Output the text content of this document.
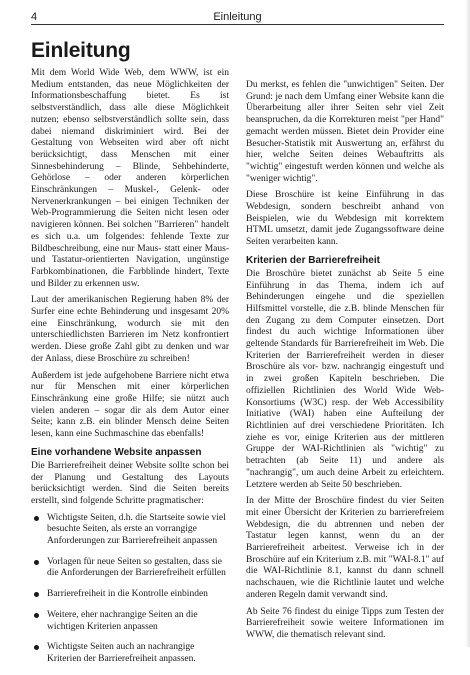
4	Einleitung
Einleitung

Mit dem World Wide Web, dem WWW, ist ein Medium entstanden, das neue Möglichkeiten der Informationsbeschaffung bietet. Es ist selbstverständlich, dass alle diese Möglichkeit nutzen; ebenso selbstverständlich sollte sein, dass dabei niemand diskriminiert wird. Bei der Gestaltung von Webseiten wird aber oft nicht berücksichtigt, dass Menschen mit einer Sinnesbehinderung – Blinde, Sehbehinderte, Gehörlose – oder anderen körperlichen Einschränkungen – Muskel-, Gelenk- oder Nervenerkrankungen – bei einigen Techniken der Web-Programmierung die Seiten nicht lesen oder navigieren können. Bei solchen "Barrieren" handelt es sich u.a. um folgendes: fehlende Texte zur Bildbeschreibung, eine nur Maus- statt einer Maus- und Tastatur-orientierten Navigation, ungünstige Farbkombinationen, die Farbblinde hindert, Texte und Bilder zu erkennen usw.

Laut der amerikanischen Regierung haben 8% der Surfer eine echte Behinderung und insgesamt 20% eine Einschränkung, wodurch sie mit den unterschiedlichsten Barrieren im Netz konfrontiert werden. Diese große Zahl gibt zu denken und war der Anlass, diese Broschüre zu schreiben!

Außerdem ist jede aufgehobene Barriere nicht etwa nur für Menschen mit einer körperlichen Einschränkung eine große Hilfe; sie nützt auch vielen anderen – sogar dir als dem Autor einer Seite; kann z.B. ein blinder Mensch deine Seiten lesen, kann eine Suchmaschine das ebenfalls!

Eine vorhandene Website anpassen

Die Barrierefreiheit deiner Website sollte schon bei der Planung und Gestaltung des Layouts berücksichtigt werden. Sind die Seiten bereits erstellt, sind folgende Schritte pragmatischer:

Wichtigste Seiten, d.h. die Startseite sowie viel besuchte Seiten, als erste an vorrangige Anforderungen zur Barrierefreiheit anpassen
Vorlagen für neue Seiten so gestalten, dass sie die Anforderungen der Barrierefreiheit erfüllen
Barrierefreiheit in die Kontrolle einbinden
Weitere, eher nachrangige Seiten an die wichtigen Kriterien anpassen
Wichtigste Seiten auch an nachrangige Kriterien der Barrierefreiheit anpassen.

Du merkst, es fehlen die "unwichtigen" Seiten. Der Grund: je nach dem Umfang einer Website kann die Überarbeitung aller ihrer Seiten sehr viel Zeit beanspruchen, da die Korrekturen meist "per Hand" gemacht werden müssen. Bietet dein Provider eine Besucher-Statistik mit Auswertung an, erfährst du hier, welche Seiten deines Webauftritts als "wichtig" eingestuft werden können und welche als "weniger wichtig".

Diese Broschüre ist keine Einführung in das Webdesign, sondern beschreibt anhand von Beispielen, wie du Webdesign mit korrektem HTML umsetzt, damit jede Zugangssoftware deine Seiten verarbeiten kann.

Kriterien der Barrierefreiheit

Die Broschüre bietet zunächst ab Seite 5 eine Einführung in das Thema, indem ich auf Behinderungen eingehe und die speziellen Hilfsmittel vorstelle, die z.B. blinde Menschen für den Zugang zu dem Computer einsetzen. Dort findest du auch wichtige Informationen über geltende Standards für Barrierefreiheit im Web. Die Kriterien der Barrierefreiheit werden in dieser Broschüre als vor- bzw. nachrangig eingestuft und in zwei großen Kapiteln beschrieben. Die offiziellen Richtlinien des World Wide Web-Konsortiums (W3C) resp. der Web Accessibility Initiative (WAI) haben eine Aufteilung der Richtlinien auf drei verschiedene Prioritäten. Ich ziehe es vor, einige Kriterien aus der mittleren Gruppe der WAI-Richtlinien als "wichtig" zu betrachten (ab Seite 11) und andere als "nachrangig", um auch deine Arbeit zu erleichtern. Letztere werden ab Seite 50 beschrieben.

In der Mitte der Broschüre findest du vier Seiten mit einer Übersicht der Kriterien zu barrierefreiem Webdesign, die du abtrennen und neben der Tastatur legen kannst, wenn du an der Barrierefreiheit arbeitest. Verweise ich in der Broschüre auf ein Kriterium z.B. mit "WAI-8.1" auf die WAI-Richtlinie 8.1, kannst du dann schnell nachschauen, wie die Richtlinie lautet und welche anderen Regeln damit verwandt sind.

Ab Seite 76 findest du einige Tipps zum Testen der Barrierefreiheit sowie weitere Informationen im WWW, die thematisch relevant sind.
